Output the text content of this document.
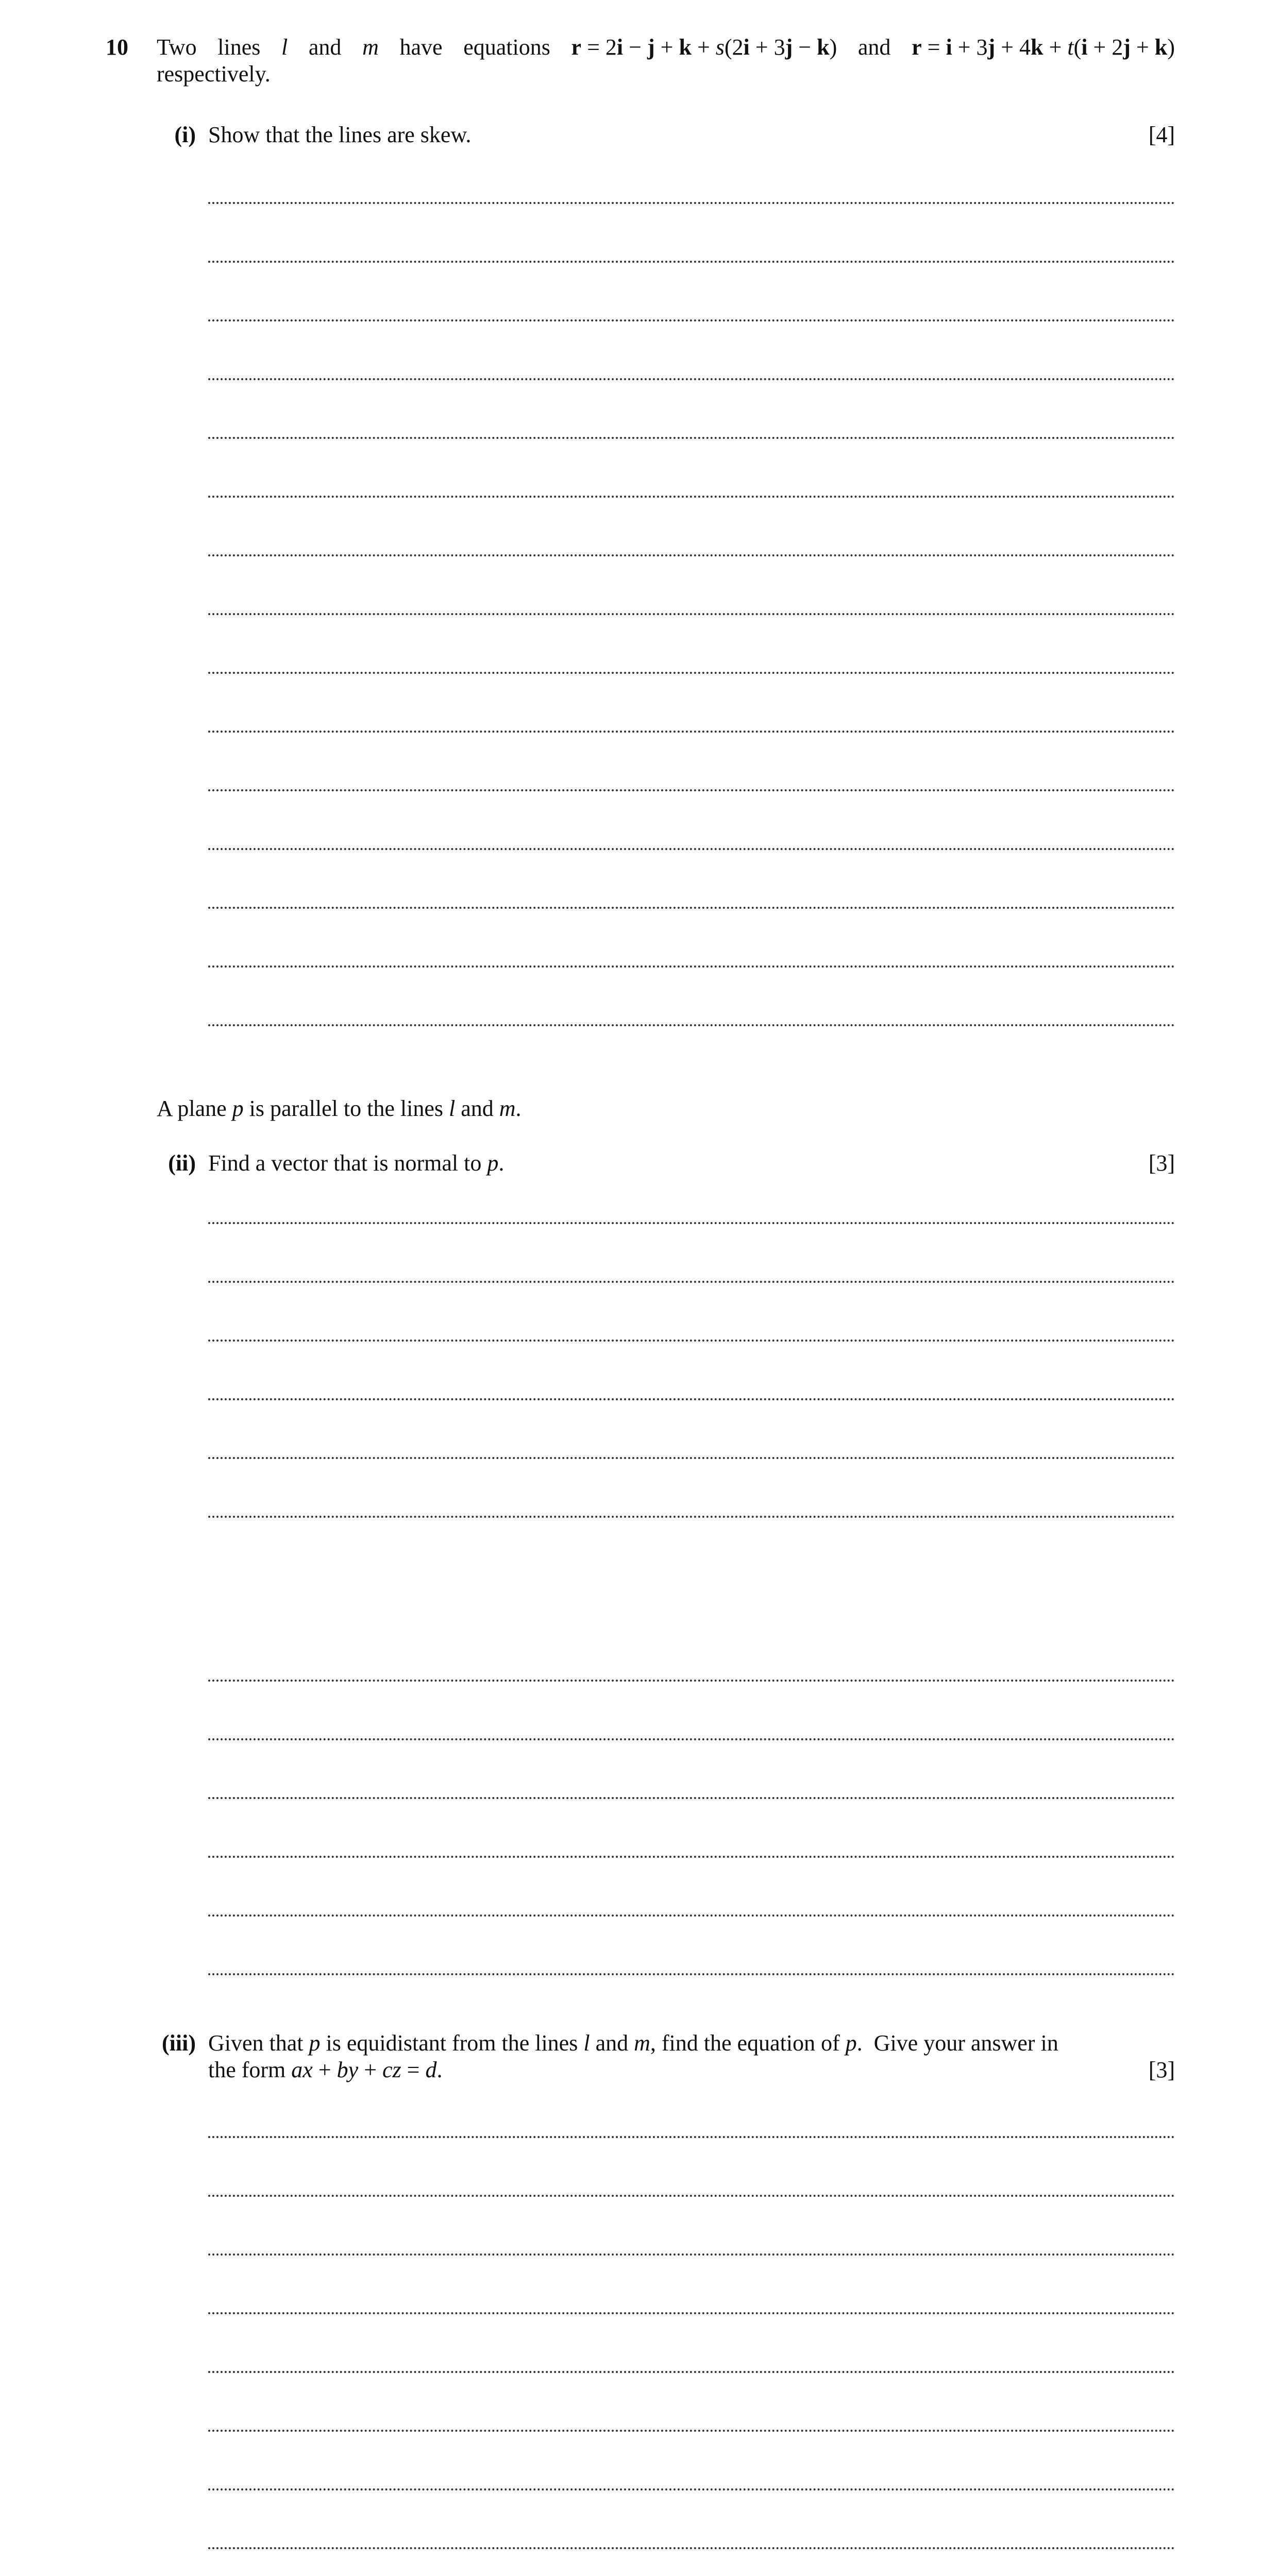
10 Two lines l and m have equations r = 2i − j + k + s(2i + 3j − k) and r = i + 3j + 4k + t(i + 2j + k)
respectively.
(i) Show that the lines are skew.	[4]
A plane p is parallel to the lines l and m.
(ii) Find a vector that is normal to p.	[3]
(iii) Given that p is equidistant from the lines l and m, find the equation of p.  Give your answer in
the form ax + by + cz = d.	[3]
